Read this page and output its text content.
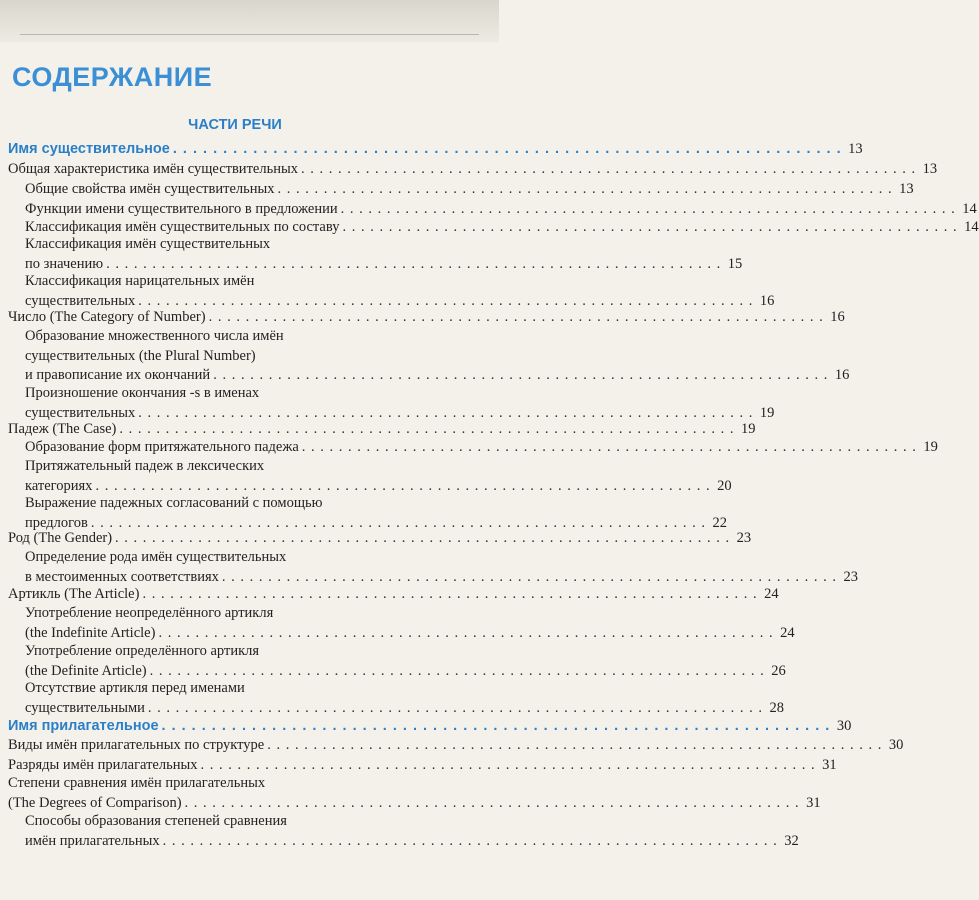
СОДЕРЖАНИЕ
ЧАСТИ РЕЧИ
Имя существительное . . . . . . . . . . . . . . . . . . . . . . . . . . . . . . . . . . . . . . . . . . . . . . . . . . . . . . . . . . . . . . . . . . . 13
Общая характеристика имён существительных . . . . . . . . . . . . . . . . . . . . . . . . . . . . . . . . . . . . . . . . . . . . . . . . . . . . . . . . . . . . . . . . . . . 13
Общие свойства имён существительных . . . . . . . . . . . . . . . . . . . . . . . . . . . . . . . . . . . . . . . . . . . . . . . . . . . . . . . . . . . . . . . . . . . 13
Функции имени существительного в предложении . . . . . . . . . . . . . . . . . . . . . . . . . . . . . . . . . . . . . . . . . . . . . . . . . . . . . . . . . . . . . . . . . . . 14
Классификация имён существительных по составу . . . . . . . . . . . . . . . . . . . . . . . . . . . . . . . . . . . . . . . . . . . . . . . . . . . . . . . . . . . . . . . . . . . 14
Классификация имён существительных
по значению . . . . . . . . . . . . . . . . . . . . . . . . . . . . . . . . . . . . . . . . . . . . . . . . . . . . . . . . . . . . . . . . . . . 15
Классификация нарицательных имён
существительных . . . . . . . . . . . . . . . . . . . . . . . . . . . . . . . . . . . . . . . . . . . . . . . . . . . . . . . . . . . . . . . . . . . 16
Число (The Category of Number) . . . . . . . . . . . . . . . . . . . . . . . . . . . . . . . . . . . . . . . . . . . . . . . . . . . . . . . . . . . . . . . . . . . 16
Образование множественного числа имён
существительных (the Plural Number)
и правописание их окончаний . . . . . . . . . . . . . . . . . . . . . . . . . . . . . . . . . . . . . . . . . . . . . . . . . . . . . . . . . . . . . . . . . . . 16
Произношение окончания -s в именах
существительных . . . . . . . . . . . . . . . . . . . . . . . . . . . . . . . . . . . . . . . . . . . . . . . . . . . . . . . . . . . . . . . . . . . 19
Падеж (The Case) . . . . . . . . . . . . . . . . . . . . . . . . . . . . . . . . . . . . . . . . . . . . . . . . . . . . . . . . . . . . . . . . . . . 19
Образование форм притяжательного падежа . . . . . . . . . . . . . . . . . . . . . . . . . . . . . . . . . . . . . . . . . . . . . . . . . . . . . . . . . . . . . . . . . . . 19
Притяжательный падеж в лексических
категориях . . . . . . . . . . . . . . . . . . . . . . . . . . . . . . . . . . . . . . . . . . . . . . . . . . . . . . . . . . . . . . . . . . . 20
Выражение падежных согласований с помощью
предлогов . . . . . . . . . . . . . . . . . . . . . . . . . . . . . . . . . . . . . . . . . . . . . . . . . . . . . . . . . . . . . . . . . . . 22
Род (The Gender) . . . . . . . . . . . . . . . . . . . . . . . . . . . . . . . . . . . . . . . . . . . . . . . . . . . . . . . . . . . . . . . . . . . 23
Определение рода имён существительных
в местоименных соответствиях . . . . . . . . . . . . . . . . . . . . . . . . . . . . . . . . . . . . . . . . . . . . . . . . . . . . . . . . . . . . . . . . . . . 23
Артикль (The Article) . . . . . . . . . . . . . . . . . . . . . . . . . . . . . . . . . . . . . . . . . . . . . . . . . . . . . . . . . . . . . . . . . . . 24
Употребление неопределённого артикля
(the Indefinite Article) . . . . . . . . . . . . . . . . . . . . . . . . . . . . . . . . . . . . . . . . . . . . . . . . . . . . . . . . . . . . . . . . . . . 24
Употребление определённого артикля
(the Definite Article) . . . . . . . . . . . . . . . . . . . . . . . . . . . . . . . . . . . . . . . . . . . . . . . . . . . . . . . . . . . . . . . . . . . 26
Отсутствие артикля перед именами
существительными . . . . . . . . . . . . . . . . . . . . . . . . . . . . . . . . . . . . . . . . . . . . . . . . . . . . . . . . . . . . . . . . . . . 28
Имя прилагательное . . . . . . . . . . . . . . . . . . . . . . . . . . . . . . . . . . . . . . . . . . . . . . . . . . . . . . . . . . . . . . . . . . . 30
Виды имён прилагательных по структуре . . . . . . . . . . . . . . . . . . . . . . . . . . . . . . . . . . . . . . . . . . . . . . . . . . . . . . . . . . . . . . . . . . . 30
Разряды имён прилагательных . . . . . . . . . . . . . . . . . . . . . . . . . . . . . . . . . . . . . . . . . . . . . . . . . . . . . . . . . . . . . . . . . . . 31
Степени сравнения имён прилагательных
(The Degrees of Comparison) . . . . . . . . . . . . . . . . . . . . . . . . . . . . . . . . . . . . . . . . . . . . . . . . . . . . . . . . . . . . . . . . . . . 31
Способы образования степеней сравнения
имён прилагательных . . . . . . . . . . . . . . . . . . . . . . . . . . . . . . . . . . . . . . . . . . . . . . . . . . . . . . . . . . . . . . . . . . . 32
